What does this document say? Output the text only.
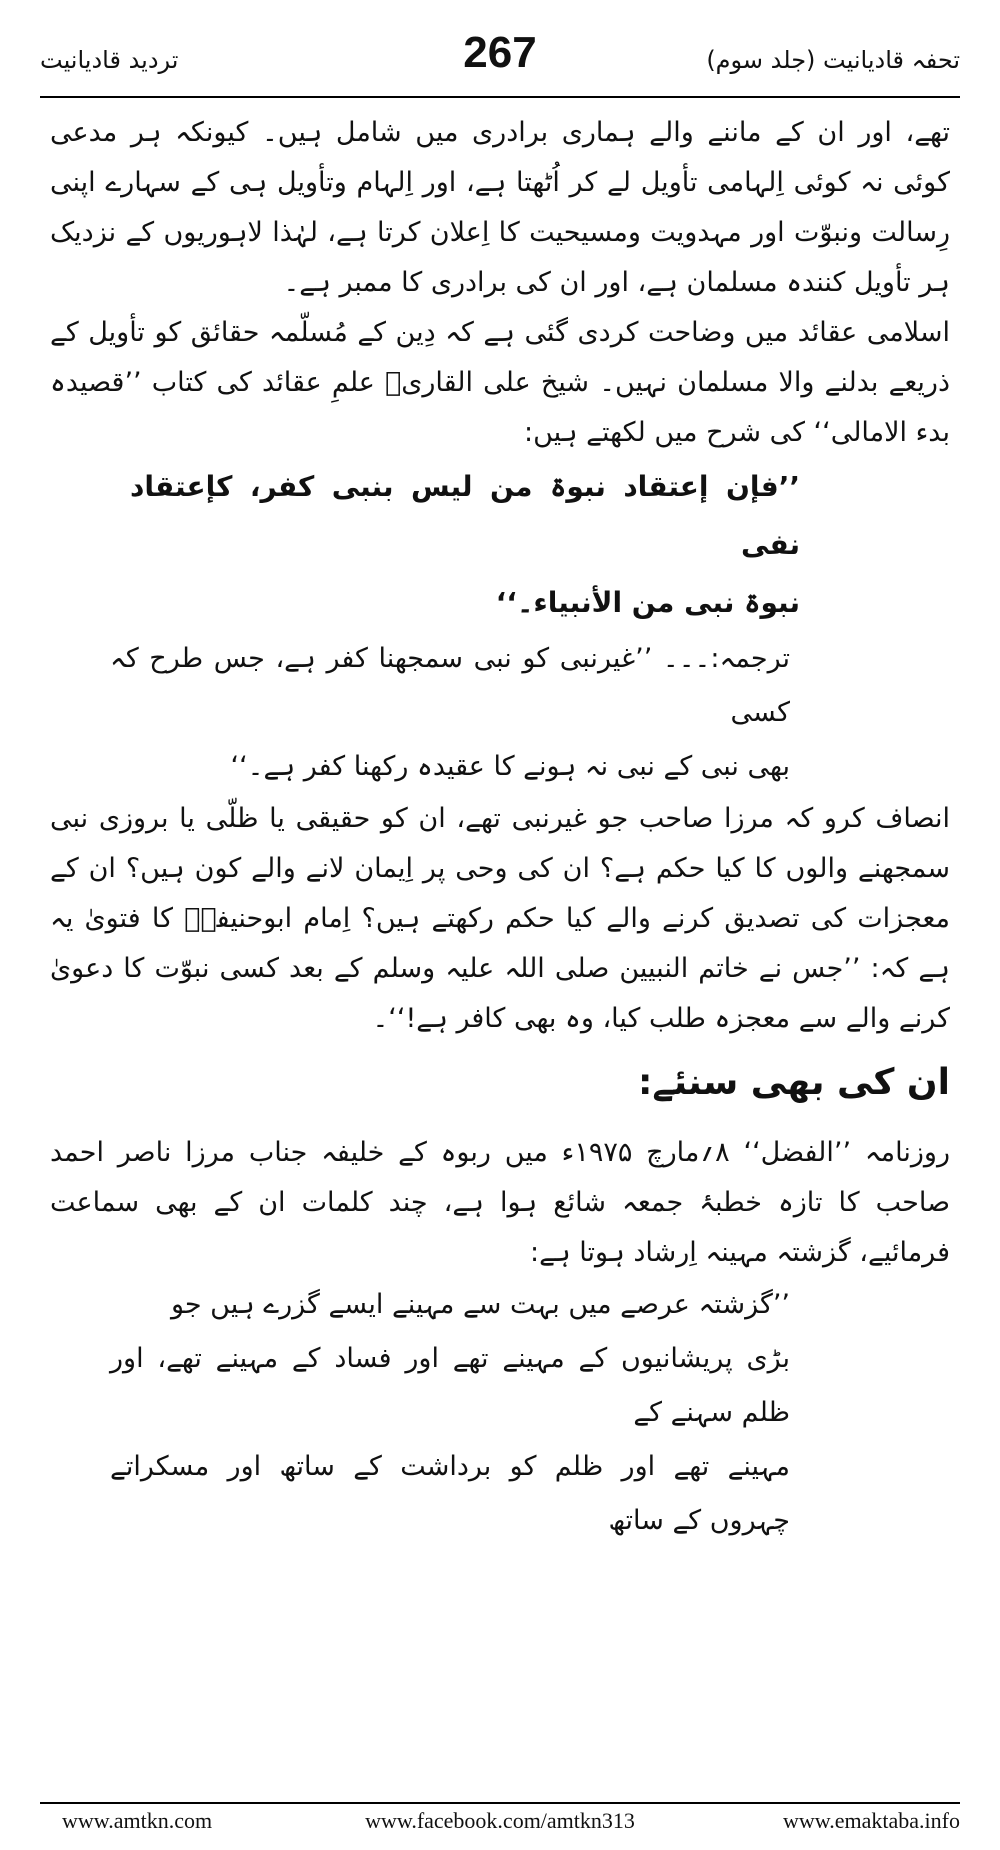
تردید قادیانیت	267	تحفہ قادیانیت (جلد سوم)

تھے، اور ان کے ماننے والے ہماری برادری میں شامل ہیں۔ کیونکہ ہر مدعی کوئی نہ کوئی اِلہامی تأویل لے کر اُٹھتا ہے، اور اِلہام وتأویل ہی کے سہارے اپنی رِسالت ونبوّت اور مہدویت ومسیحیت کا اِعلان کرتا ہے، لہٰذا لاہوریوں کے نزدیک ہر تأویل کنندہ مسلمان ہے، اور ان کی برادری کا ممبر ہے۔

اسلامی عقائد میں وضاحت کردی گئی ہے کہ دِین کے مُسلّمہ حقائق کو تأویل کے ذریعے بدلنے والا مسلمان نہیں۔ شیخ علی القاریؒ علمِ عقائد کی کتاب ’’قصیدہ بدء الامالی‘‘ کی شرح میں لکھتے ہیں:

’’فإن إعتقاد نبوۃ من لیس بنبی کفر، کإعتقاد نفی

نبوۃ نبی من الأنبیاء۔‘‘

ترجمہ:۔۔۔ ’’غیرنبی کو نبی سمجھنا کفر ہے، جس طرح کہ کسی

بھی نبی کے نبی نہ ہونے کا عقیدہ رکھنا کفر ہے۔‘‘

انصاف کرو کہ مرزا صاحب جو غیرنبی تھے، ان کو حقیقی یا ظلّی یا بروزی نبی سمجھنے والوں کا کیا حکم ہے؟ ان کی وحی پر اِیمان لانے والے کون ہیں؟ ان کے معجزات کی تصدیق کرنے والے کیا حکم رکھتے ہیں؟ اِمام ابوحنیفہؒ کا فتویٰ یہ ہے کہ: ’’جس نے خاتم النبیین صلی اللہ علیہ وسلم کے بعد کسی نبوّت کا دعویٰ کرنے والے سے معجزہ طلب کیا، وہ بھی کافر ہے!‘‘۔

ان کی بھی سنئے:

روزنامہ ’’الفضل‘‘ ۸؍مارچ ۱۹۷۵ء میں ربوہ کے خلیفہ جناب مرزا ناصر احمد صاحب کا تازہ خطبۂ جمعہ شائع ہوا ہے، چند کلمات ان کے بھی سماعت فرمائیے، گزشتہ مہینہ اِرشاد ہوتا ہے:

’’گزشتہ عرصے میں بہت سے مہینے ایسے گزرے ہیں جو

بڑی پریشانیوں کے مہینے تھے اور فساد کے مہینے تھے، اور ظلم سہنے کے

مہینے تھے اور ظلم کو برداشت کے ساتھ اور مسکراتے چہروں کے ساتھ

www.amtkn.com	www.facebook.com/amtkn313	www.emaktaba.info
